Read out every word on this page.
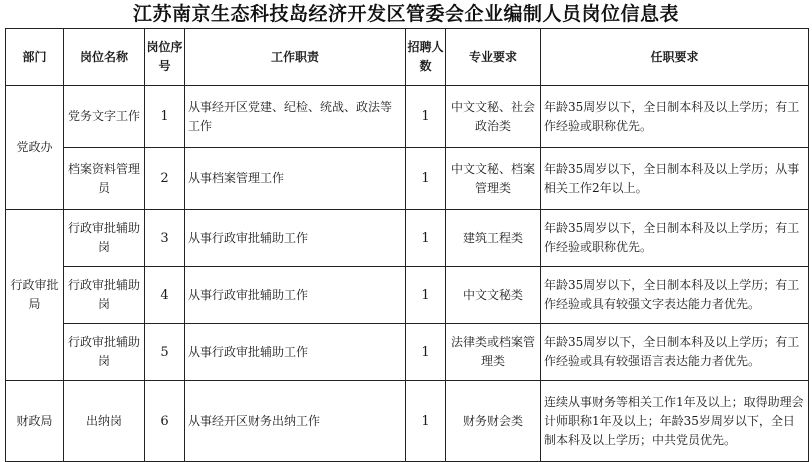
江苏南京生态科技岛经济开发区管委会企业编制人员岗位信息表
部门	岗位名称	岗位序号	工作职责	招聘人数	专业要求	任职要求
党政办	党务文字工作	1	从事经开区党建、纪检、统战、政法等工作	1	中文文秘、社会政治类	年龄35周岁以下，全日制本科及以上学历；有工作经验或职称优先。
	档案资料管理员	2	从事档案管理工作	1	中文文秘、档案管理类	年龄35周岁以下，全日制本科及以上学历；从事相关工作2年以上。
行政审批局	行政审批辅助岗	3	从事行政审批辅助工作	1	建筑工程类	年龄35周岁以下，全日制本科及以上学历；有工作经验或职称优先。
	行政审批辅助岗	4	从事行政审批辅助工作	1	中文文秘类	年龄35周岁以下，全日制本科及以上学历；有工作经验或具有较强文字表达能力者优先。
	行政审批辅助岗	5	从事行政审批辅助工作	1	法律类或档案管理类	年龄35周岁以下，全日制本科及以上学历；有工作经验或具有较强语言表达能力者优先。
财政局	出纳岗	6	从事经开区财务出纳工作	1	财务财会类	连续从事财务等相关工作1年及以上；取得助理会计师职称1年及以上；年龄35岁周岁以下，全日制本科及以上学历；中共党员优先。
